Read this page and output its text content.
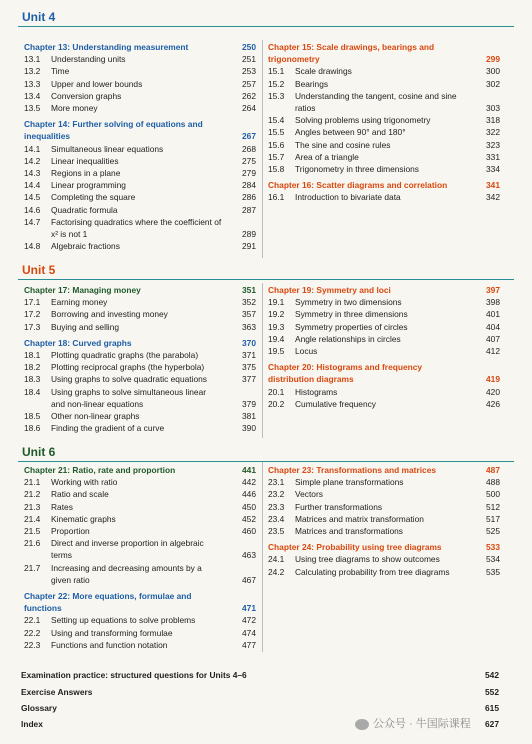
Unit 4
Chapter 13: Understanding measurement	250
13.1 Understanding units	251
13.2 Time	253
13.3 Upper and lower bounds	257
13.4 Conversion graphs	262
13.5 More money	264
Chapter 14: Further solving of equations and inequalities	267
14.1 Simultaneous linear equations	268
14.2 Linear inequalities	275
14.3 Regions in a plane	279
14.4 Linear programming	284
14.5 Completing the square	286
14.6 Quadratic formula	287
14.7 Factorising quadratics where the coefficient of x² is not 1	289
14.8 Algebraic fractions	291
Chapter 15: Scale drawings, bearings and trigonometry	299
15.1 Scale drawings	300
15.2 Bearings	302
15.3 Understanding the tangent, cosine and sine ratios	303
15.4 Solving problems using trigonometry	318
15.5 Angles between 90° and 180°	322
15.6 The sine and cosine rules	323
15.7 Area of a triangle	331
15.8 Trigonometry in three dimensions	334
Chapter 16: Scatter diagrams and correlation	341
16.1 Introduction to bivariate data	342
Unit 5
Chapter 17: Managing money	351
17.1 Earning money	352
17.2 Borrowing and investing money	357
17.3 Buying and selling	363
Chapter 18: Curved graphs	370
18.1 Plotting quadratic graphs (the parabola)	371
18.2 Plotting reciprocal graphs (the hyperbola)	375
18.3 Using graphs to solve quadratic equations	377
18.4 Using graphs to solve simultaneous linear and non-linear equations	379
18.5 Other non-linear graphs	381
18.6 Finding the gradient of a curve	390
Chapter 19: Symmetry and loci	397
19.1 Symmetry in two dimensions	398
19.2 Symmetry in three dimensions	401
19.3 Symmetry properties of circles	404
19.4 Angle relationships in circles	407
19.5 Locus	412
Chapter 20: Histograms and frequency distribution diagrams	419
20.1 Histograms	420
20.2 Cumulative frequency	426
Unit 6
Chapter 21: Ratio, rate and proportion	441
21.1 Working with ratio	442
21.2 Ratio and scale	446
21.3 Rates	450
21.4 Kinematic graphs	452
21.5 Proportion	460
21.6 Direct and inverse proportion in algebraic terms	463
21.7 Increasing and decreasing amounts by a given ratio	467
Chapter 22: More equations, formulae and functions	471
22.1 Setting up equations to solve problems	472
22.2 Using and transforming formulae	474
22.3 Functions and function notation	477
Chapter 23: Transformations and matrices	487
23.1 Simple plane transformations	488
23.2 Vectors	500
23.3 Further transformations	512
23.4 Matrices and matrix transformation	517
23.5 Matrices and transformations	525
Chapter 24: Probability using tree diagrams	533
24.1 Using tree diagrams to show outcomes	534
24.2 Calculating probability from tree diagrams	535
Examination practice: structured questions for Units 4–6	542
Exercise Answers	552
Glossary	615
Index	627
公众号 · 牛国际课程
